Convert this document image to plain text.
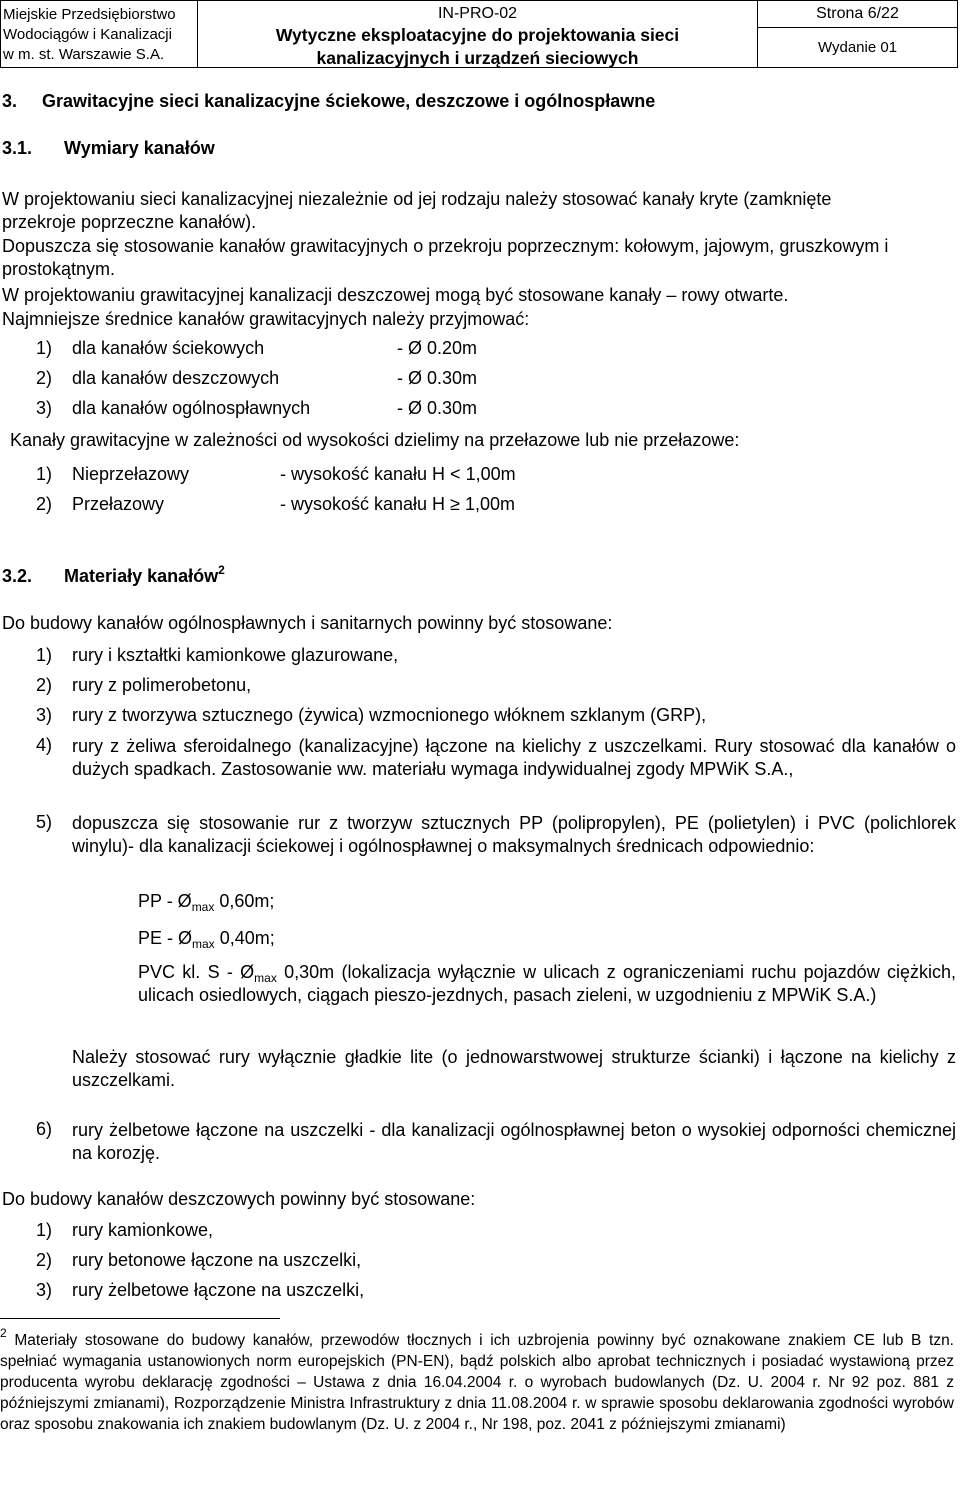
Miejskie Przedsiębiorstwo
Wodociągów i Kanalizacji
w m. st. Warszawie S.A.
IN-PRO-02
Wytyczne eksploatacyjne do projektowania sieci
kanalizacyjnych i urządzeń sieciowych
Strona 6/22
Wydanie 01
3. Grawitacyjne sieci kanalizacyjne ściekowe, deszczowe i ogólnospławne
3.1. Wymiary kanałów
W projektowaniu sieci kanalizacyjnej niezależnie od jej rodzaju należy stosować kanały kryte (zamknięte przekroje poprzeczne kanałów).
Dopuszcza się stosowanie kanałów grawitacyjnych o przekroju poprzecznym: kołowym, jajowym, gruszkowym i prostokątnym.
W projektowaniu grawitacyjnej kanalizacji deszczowej mogą być stosowane kanały – rowy otwarte.
Najmniejsze średnice kanałów grawitacyjnych należy przyjmować:
1) dla kanałów ściekowych	- Ø 0.20m
2) dla kanałów deszczowych	- Ø 0.30m
3) dla kanałów ogólnospławnych	- Ø 0.30m
Kanały grawitacyjne w zależności od wysokości dzielimy na przełazowe lub nie przełazowe:
1) Nieprzełazowy	- wysokość kanału H < 1,00m
2) Przełazowy	- wysokość kanału H ≥ 1,00m
3.2. Materiały kanałów$^2$
Do budowy kanałów ogólnospławnych i sanitarnych powinny być stosowane:
1) rury i kształtki kamionkowe glazurowane,
2) rury z polimerobetonu,
3) rury z tworzywa sztucznego (żywica) wzmocnionego włóknem szklanym (GRP),
4) rury z żeliwa sferoidalnego (kanalizacyjne) łączone na kielichy z uszczelkami. Rury stosować dla kanałów o dużych spadkach. Zastosowanie ww. materiału wymaga indywidualnej zgody MPWiK S.A.,
5) dopuszcza się stosowanie rur z tworzyw sztucznych PP (polipropylen), PE (polietylen) i PVC (polichlorek winylu)- dla kanalizacji ściekowej i ogólnospławnej o maksymalnych średnicach odpowiednio:
PP - $Ø_{max}$ 0,60m;
PE - $Ø_{max}$ 0,40m;
PVC kl. S - $Ø_{max}$ 0,30m (lokalizacja wyłącznie w ulicach z ograniczeniami ruchu pojazdów ciężkich, ulicach osiedlowych, ciągach pieszo-jezdnych, pasach zieleni, w uzgodnieniu z MPWiK S.A.)
Należy stosować rury wyłącznie gładkie lite (o jednowarstwowej strukturze ścianki) i łączone na kielichy z uszczelkami.
6) rury żelbetowe łączone na uszczelki - dla kanalizacji ogólnospławnej beton o wysokiej odporności chemicznej na korozję.
Do budowy kanałów deszczowych powinny być stosowane:
1) rury kamionkowe,
2) rury betonowe łączone na uszczelki,
3) rury żelbetowe łączone na uszczelki,
$^2$ Materiały stosowane do budowy kanałów, przewodów tłocznych i ich uzbrojenia powinny być oznakowane znakiem CE lub B tzn. spełniać wymagania ustanowionych norm europejskich (PN-EN), bądź polskich albo aprobat technicznych i posiadać wystawioną przez producenta wyrobu deklarację zgodności – Ustawa z dnia 16.04.2004 r. o wyrobach budowlanych (Dz. U. 2004 r. Nr 92 poz. 881 z późniejszymi zmianami), Rozporządzenie Ministra Infrastruktury z dnia 11.08.2004 r. w sprawie sposobu deklarowania zgodności wyrobów oraz sposobu znakowania ich znakiem budowlanym (Dz. U. z 2004 r., Nr 198, poz. 2041 z późniejszymi zmianami)
